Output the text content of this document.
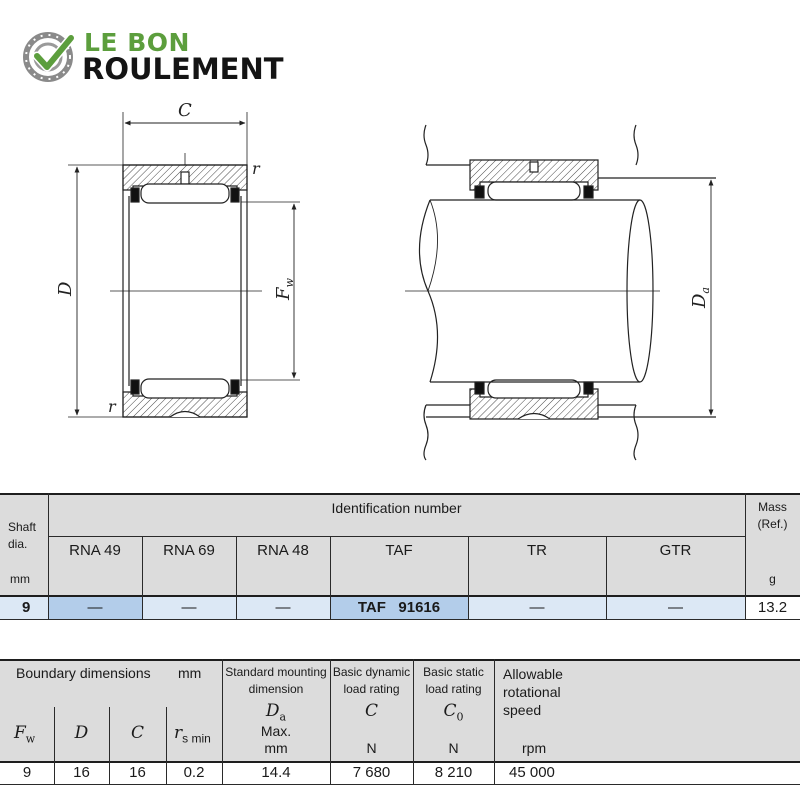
LE BON
ROULEMENT
C
r
r
D	$F_w$
$D_a$
Shaft
dia.
mm
Identification number	Mass
(Ref.)
g
RNA 49	RNA 69	RNA 48	TAF	TR	GTR
9	—	—	—	TAF   91616	—	—	13.2
Boundary dimensions mm
$F_w$	D	C	$r_{s min}$
Standard mounting
dimension
$D_a$
Max.
mm
Basic dynamic
load rating
C
N
Basic static
load rating
$C_0$
N
Allowable
rotational
speed
rpm
9	16	16	0.2	14.4	7 680	8 210	45 000
